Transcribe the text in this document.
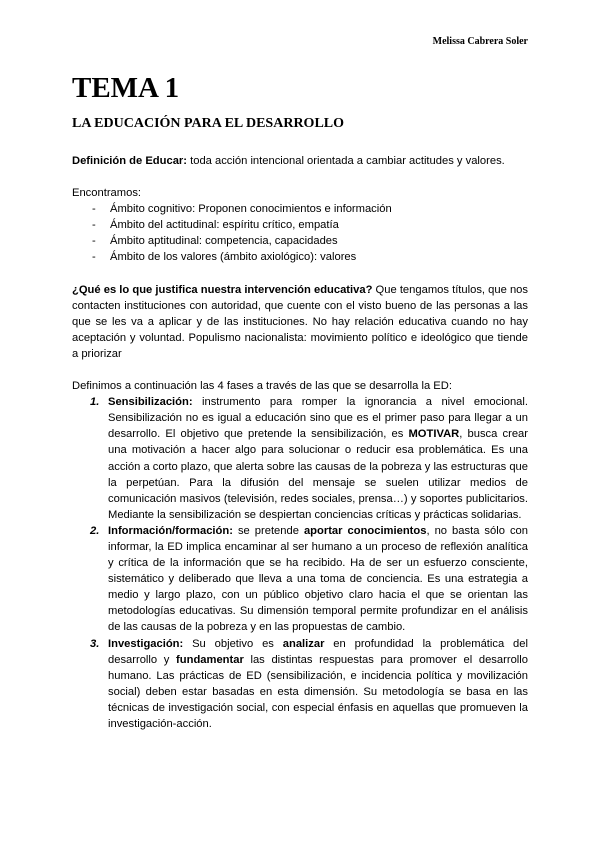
Melissa Cabrera Soler
TEMA 1
LA EDUCACIÓN PARA EL DESARROLLO

Definición de Educar: toda acción intencional orientada a cambiar actitudes y valores.

Encontramos:

- Ámbito cognitivo: Proponen conocimientos e información
- Ámbito del actitudinal: espíritu crítico, empatía
- Ámbito aptitudinal: competencia, capacidades
- Ámbito de los valores (ámbito axiológico): valores

¿Qué es lo que justifica nuestra intervención educativa? Que tengamos títulos, que nos contacten instituciones con autoridad, que cuente con el visto bueno de las personas a las que se les va a aplicar y de las instituciones. No hay relación educativa cuando no hay aceptación y voluntad. Populismo nacionalista: movimiento político e ideológico que tiende a priorizar

Definimos a continuación las 4 fases a través de las que se desarrolla la ED:

1. Sensibilización: instrumento para romper la ignorancia a nivel emocional. Sensibilización no es igual a educación sino que es el primer paso para llegar a un desarrollo. El objetivo que pretende la sensibilización, es MOTIVAR, busca crear una motivación a hacer algo para solucionar o reducir esa problemática. Es una acción a corto plazo, que alerta sobre las causas de la pobreza y las estructuras que la perpetúan. Para la difusión del mensaje se suelen utilizar medios de comunicación masivos (televisión, redes sociales, prensa…) y soportes publicitarios. Mediante la sensibilización se despiertan conciencias críticas y prácticas solidarias.
2. Información/formación: se pretende aportar conocimientos, no basta sólo con informar, la ED implica encaminar al ser humano a un proceso de reflexión analítica y crítica de la información que se ha recibido. Ha de ser un esfuerzo consciente, sistemático y deliberado que lleva a una toma de conciencia. Es una estrategia a medio y largo plazo, con un público objetivo claro hacia el que se orientan las metodologías educativas. Su dimensión temporal permite profundizar en el análisis de las causas de la pobreza y en las propuestas de cambio.
3. Investigación: Su objetivo es analizar en profundidad la problemática del desarrollo y fundamentar las distintas respuestas para promover el desarrollo humano. Las prácticas de ED (sensibilización, e incidencia política y movilización social) deben estar basadas en esta dimensión. Su metodología se basa en las técnicas de investigación social, con especial énfasis en aquellas que promueven la investigación-acción.
